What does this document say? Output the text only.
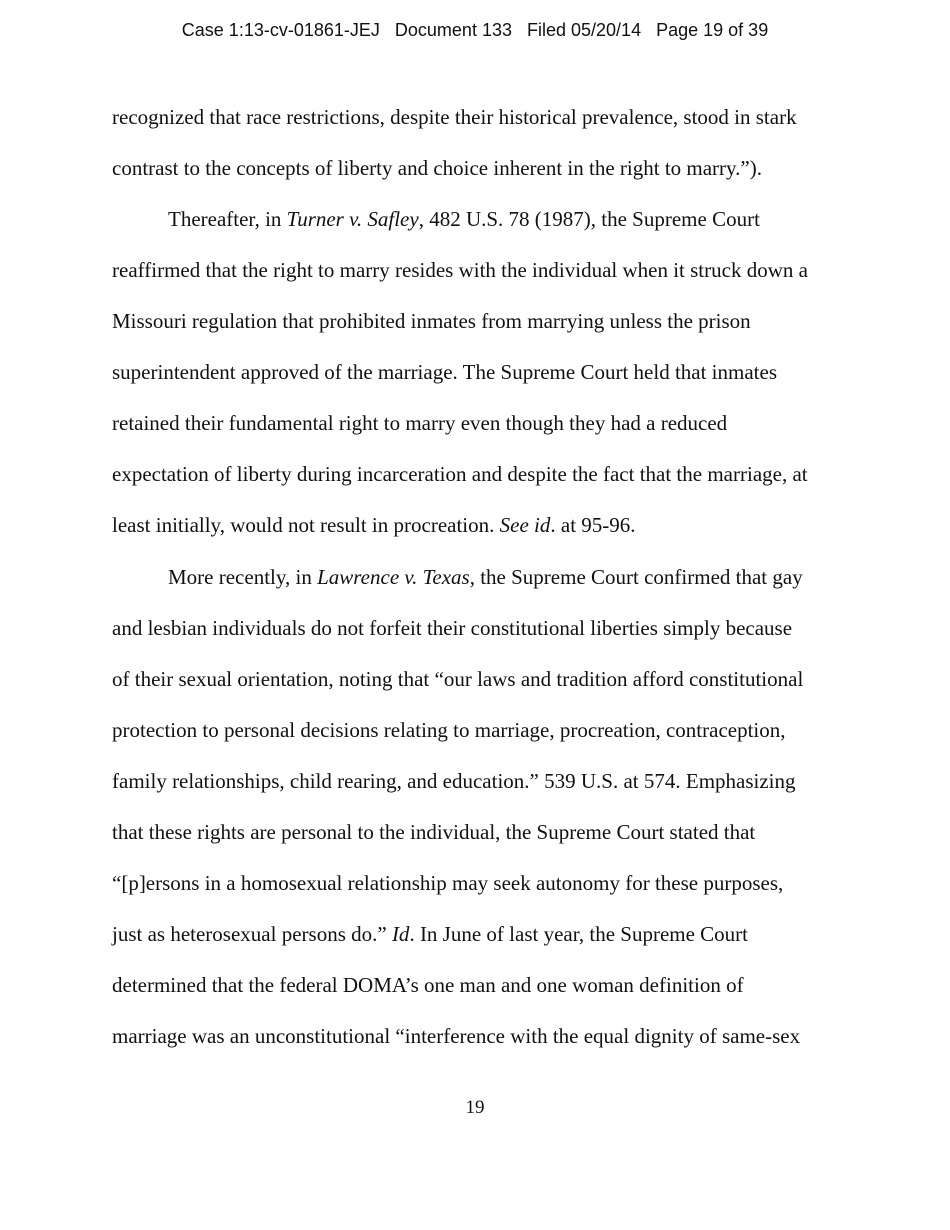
Case 1:13-cv-01861-JEJ Document 133 Filed 05/20/14 Page 19 of 39
recognized that race restrictions, despite their historical prevalence, stood in stark
contrast to the concepts of liberty and choice inherent in the right to marry.”).
Thereafter, in Turner v. Safley, 482 U.S. 78 (1987), the Supreme Court
reaffirmed that the right to marry resides with the individual when it struck down a
Missouri regulation that prohibited inmates from marrying unless the prison
superintendent approved of the marriage. The Supreme Court held that inmates
retained their fundamental right to marry even though they had a reduced
expectation of liberty during incarceration and despite the fact that the marriage, at
least initially, would not result in procreation. See id. at 95-96.
More recently, in Lawrence v. Texas, the Supreme Court confirmed that gay
and lesbian individuals do not forfeit their constitutional liberties simply because
of their sexual orientation, noting that “our laws and tradition afford constitutional
protection to personal decisions relating to marriage, procreation, contraception,
family relationships, child rearing, and education.” 539 U.S. at 574. Emphasizing
that these rights are personal to the individual, the Supreme Court stated that
“[p]ersons in a homosexual relationship may seek autonomy for these purposes,
just as heterosexual persons do.” Id. In June of last year, the Supreme Court
determined that the federal DOMA’s one man and one woman definition of
marriage was an unconstitutional “interference with the equal dignity of same-sex
19
